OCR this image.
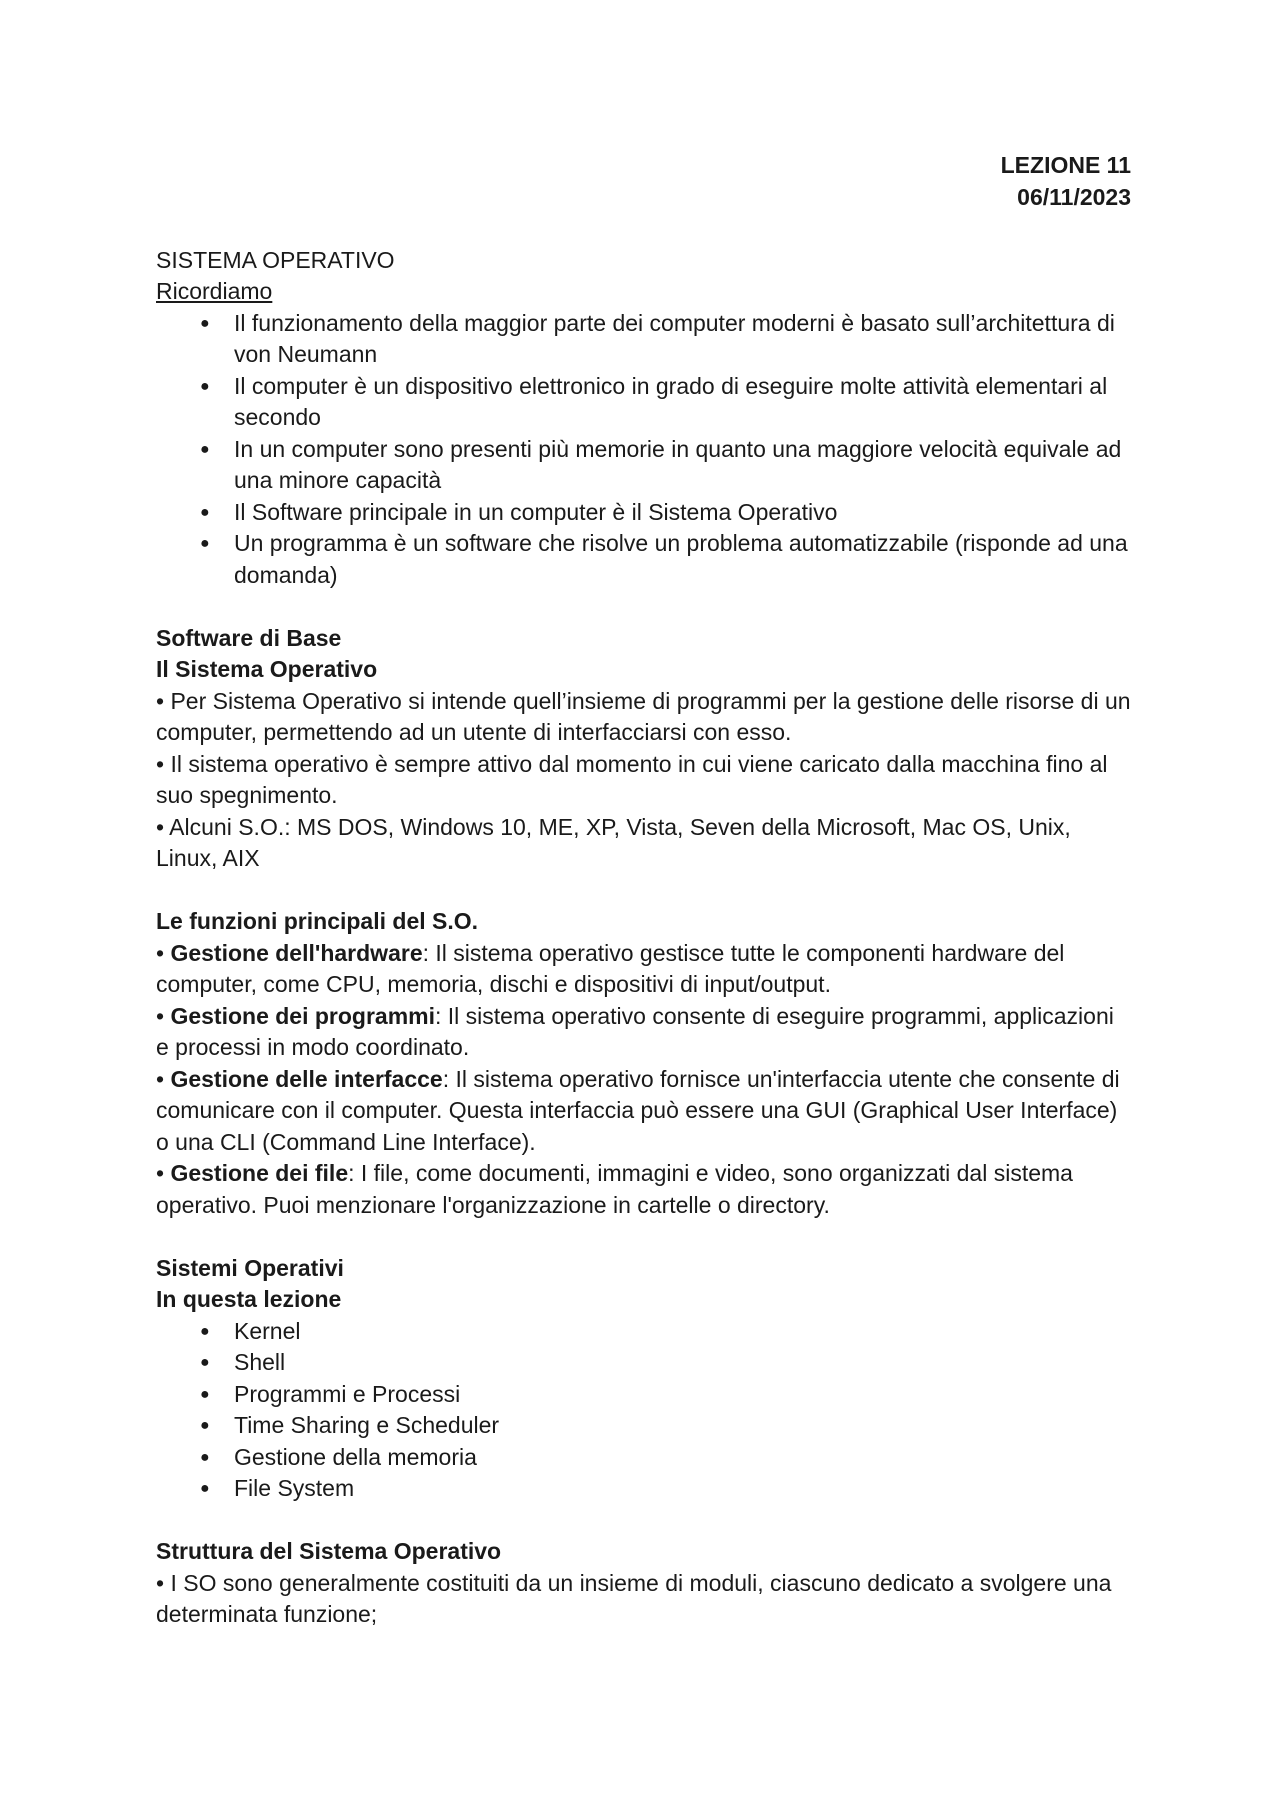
LEZIONE 11
06/11/2023
SISTEMA OPERATIVO
Ricordiamo
● Il funzionamento della maggior parte dei computer moderni è basato sull’architettura di von Neumann
● Il computer è un dispositivo elettronico in grado di eseguire molte attività elementari al secondo
● In un computer sono presenti più memorie in quanto una maggiore velocità equivale ad una minore capacità
● Il Software principale in un computer è il Sistema Operativo
● Un programma è un software che risolve un problema automatizzabile (risponde ad una domanda)
Software di Base
Il Sistema Operativo

• Per Sistema Operativo si intende quell’insieme di programmi per la gestione delle risorse di un computer, permettendo ad un utente di interfacciarsi con esso.

• Il sistema operativo è sempre attivo dal momento in cui viene caricato dalla macchina fino al suo spegnimento.

• Alcuni S.O.: MS DOS, Windows 10, ME, XP, Vista, Seven della Microsoft, Mac OS, Unix, Linux, AIX

Le funzioni principali del S.O.

• Gestione dell'hardware: Il sistema operativo gestisce tutte le componenti hardware del computer, come CPU, memoria, dischi e dispositivi di input/output.

• Gestione dei programmi: Il sistema operativo consente di eseguire programmi, applicazioni e processi in modo coordinato.

• Gestione delle interfacce: Il sistema operativo fornisce un'interfaccia utente che consente di comunicare con il computer. Questa interfaccia può essere una GUI (Graphical User Interface) o una CLI (Command Line Interface).

• Gestione dei file: I file, come documenti, immagini e video, sono organizzati dal sistema operativo. Puoi menzionare l'organizzazione in cartelle o directory.

Sistemi Operativi
In questa lezione
● Kernel
● Shell
● Programmi e Processi
● Time Sharing e Scheduler
● Gestione della memoria
● File System
Struttura del Sistema Operativo

• I SO sono generalmente costituiti da un insieme di moduli, ciascuno dedicato a svolgere una determinata funzione;
